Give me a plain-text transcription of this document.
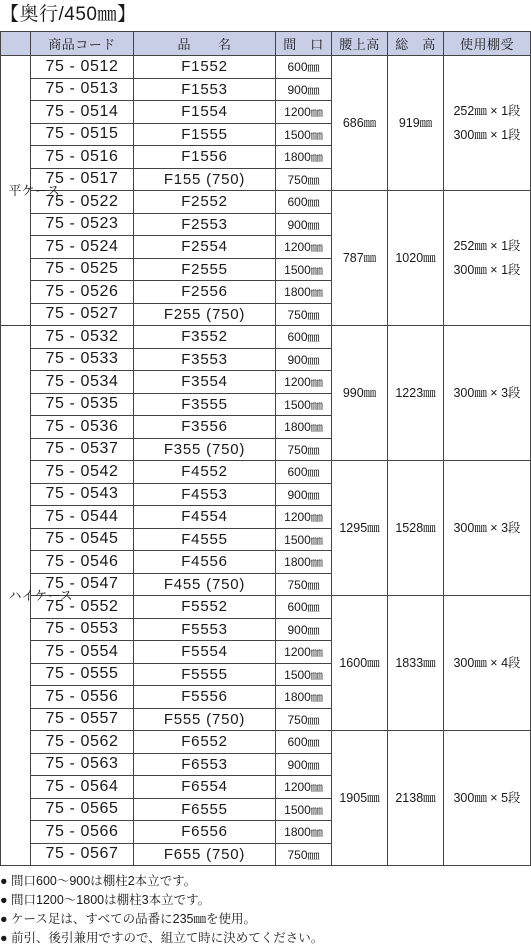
【奥行/450㎜】
	商品コード	品　　名	間　口	腰上高	総　高	使用棚受
平ケース	75 - 0512	F1552	600㎜	686㎜	919㎜	252㎜ × 1段
300㎜ × 1段

	75 - 0513	F1553	900㎜			
	75 - 0514	F1554	1200㎜			
	75 - 0515	F1555	1500㎜			
	75 - 0516	F1556	1800㎜			
	75 - 0517	F155 (750)	750㎜			
	75 - 0522	F2552	600㎜	787㎜	1020㎜	252㎜ × 1段
300㎜ × 1段

	75 - 0523	F2553	900㎜			
	75 - 0524	F2554	1200㎜			
	75 - 0525	F2555	1500㎜			
	75 - 0526	F2556	1800㎜			
	75 - 0527	F255 (750)	750㎜			
ハイケース	75 - 0532	F3552	600㎜	990㎜	1223㎜	300㎜ × 3段

	75 - 0533	F3553	900㎜			
	75 - 0534	F3554	1200㎜			
	75 - 0535	F3555	1500㎜			
	75 - 0536	F3556	1800㎜			
	75 - 0537	F355 (750)	750㎜			
	75 - 0542	F4552	600㎜	1295㎜	1528㎜	300㎜ × 3段

	75 - 0543	F4553	900㎜			
	75 - 0544	F4554	1200㎜			
	75 - 0545	F4555	1500㎜			
	75 - 0546	F4556	1800㎜			
	75 - 0547	F455 (750)	750㎜			
	75 - 0552	F5552	600㎜	1600㎜	1833㎜	300㎜ × 4段

	75 - 0553	F5553	900㎜			
	75 - 0554	F5554	1200㎜			
	75 - 0555	F5555	1500㎜			
	75 - 0556	F5556	1800㎜			
	75 - 0557	F555 (750)	750㎜			
	75 - 0562	F6552	600㎜	1905㎜	2138㎜	300㎜ × 5段

	75 - 0563	F6553	900㎜			
	75 - 0564	F6554	1200㎜			
	75 - 0565	F6555	1500㎜			
	75 - 0566	F6556	1800㎜			
	75 - 0567	F655 (750)	750㎜			
● 間口600～900は棚柱2本立です。
● 間口1200～1800は棚柱3本立です。
● ケース足は、すべての品番に235㎜を使用。
● 前引、後引兼用ですので、組立て時に決めてください。
